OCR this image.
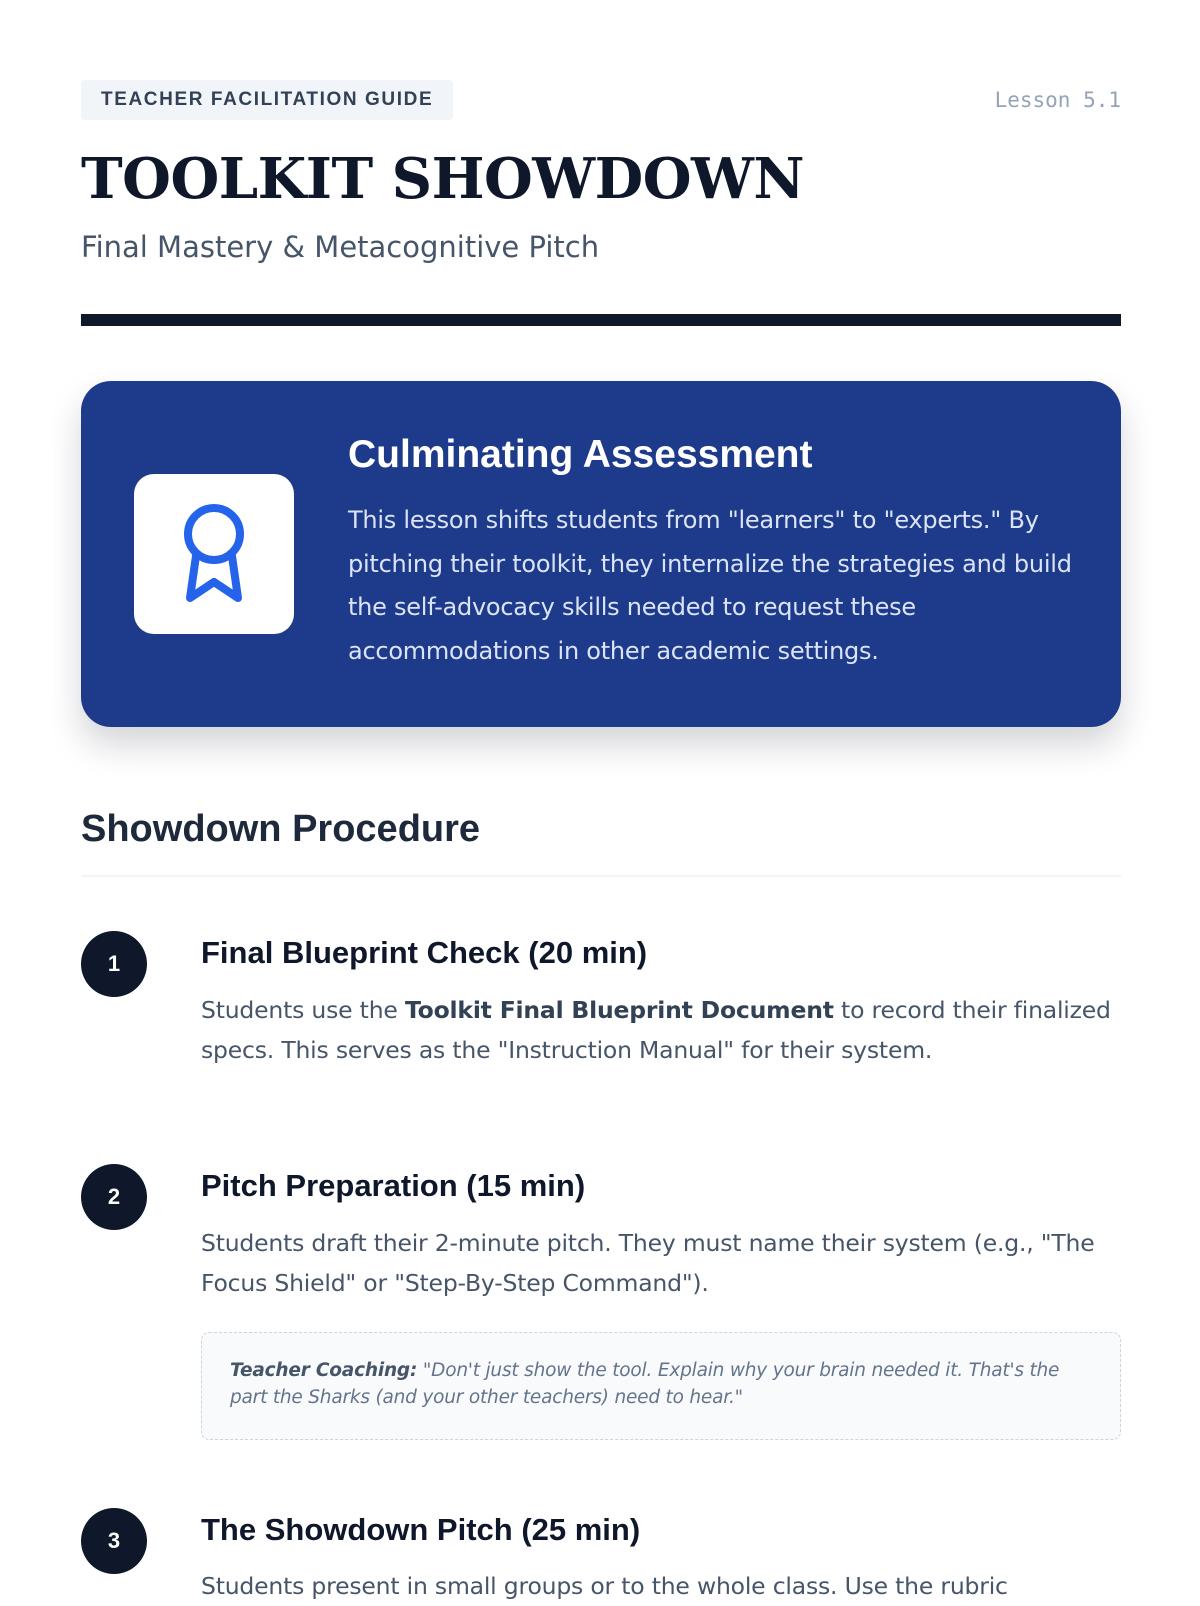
TEACHER FACILITATION GUIDE	Lesson 5.1
TOOLKIT SHOWDOWN
Final Mastery & Metacognitive Pitch
Culminating Assessment

This lesson shifts students from "learners" to "experts." By pitching their toolkit, they internalize the strategies and build the self-advocacy skills needed to request these accommodations in other academic settings.

Showdown Procedure
1	Final Blueprint Check (20 min)

Students use the Toolkit Final Blueprint Document to record their finalized specs. This serves as the "Instruction Manual" for their system.

2	Pitch Preparation (15 min)

Students draft their 2-minute pitch. They must name their system (e.g., "The Focus Shield" or "Step-By-Step Command").

Teacher Coaching: "Don't just show the tool. Explain why your brain needed it. That's the part the Sharks (and your other teachers) need to hear."
3	The Showdown Pitch (25 min)

Students present in small groups or to the whole class. Use the rubric
